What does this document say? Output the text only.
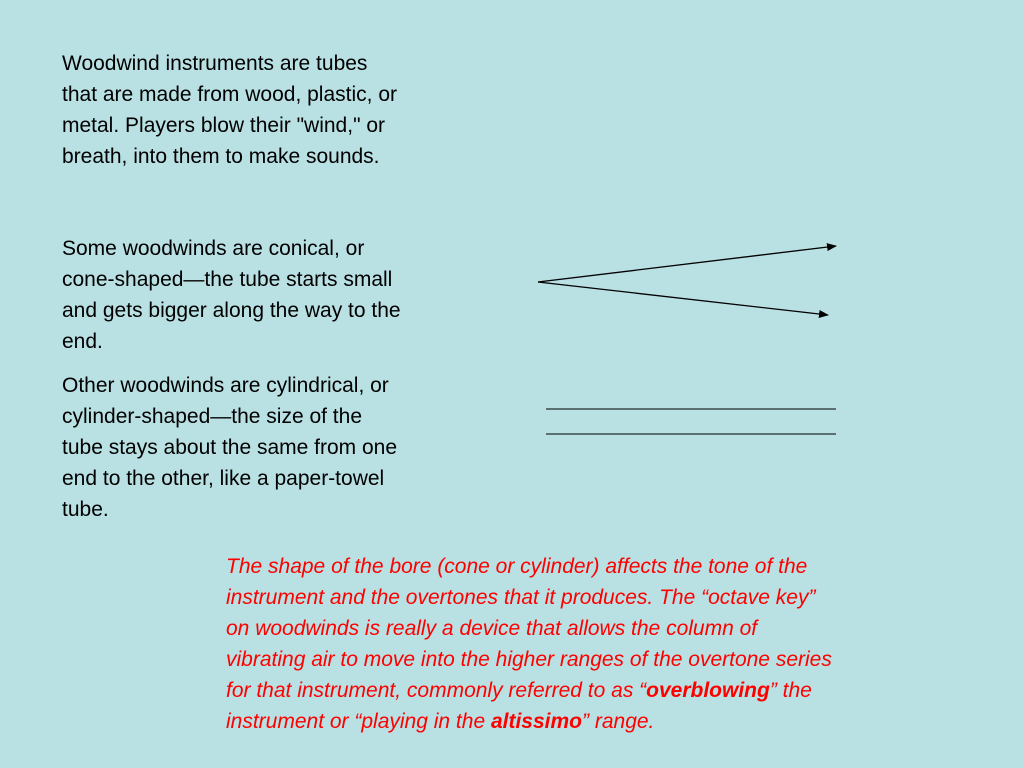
Woodwind instruments are tubes
that are made from wood, plastic, or
metal. Players blow their "wind," or
breath, into them to make sounds.

Some woodwinds are conical, or
cone-shaped—the tube starts small
and gets bigger along the way to the
end.

Other woodwinds are cylindrical, or
cylinder-shaped—the size of the
tube stays about the same from one
end to the other, like a paper-towel
tube.

The shape of the bore (cone or cylinder) affects the tone of the
instrument and the overtones that it produces. The “octave key”
on woodwinds is really a device that allows the column of
vibrating air to move into the higher ranges of the overtone series
for that instrument, commonly referred to as “overblowing” the
instrument or “playing in the altissimo” range.
